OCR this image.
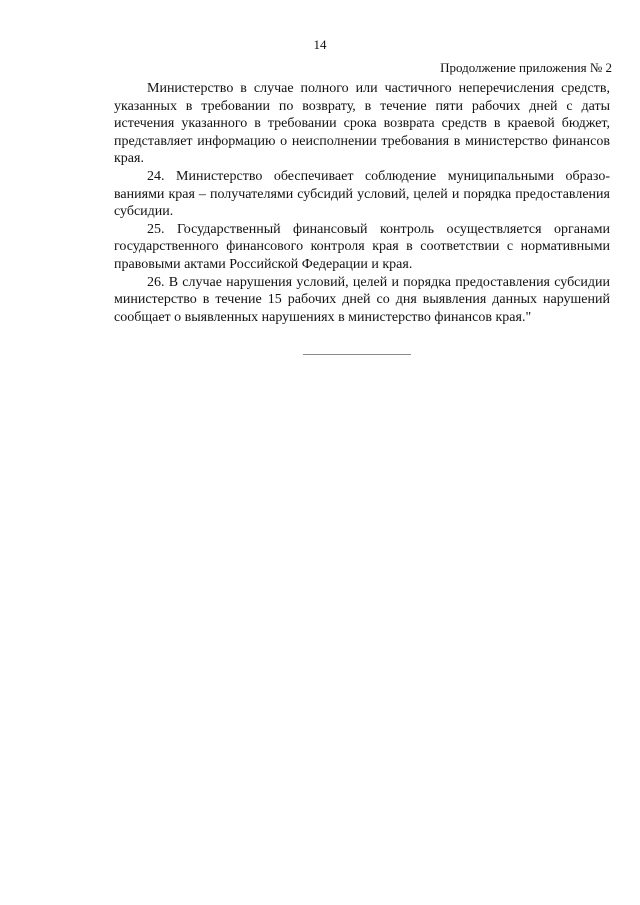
14
Продолжение приложения № 2

Министерство в случае полного или частичного неперечисления средств, указанных в требовании по возврату, в течение пяти рабочих дней с даты истечения указанного в требовании срока возврата средств в краевой бюджет, представляет информацию о неисполнении требования в министерство финансов края.

24. Министерство обеспечивает соблюдение муниципальными образованиями края – получателями субсидий условий, целей и порядка предоставления субсидии.

25. Государственный финансовый контроль осуществляется органами государственного финансового контроля края в соответствии с нормативными правовыми актами Российской Федерации и края.

26. В случае нарушения условий, целей и порядка предоставления субсидии министерство в течение 15 рабочих дней со дня выявления данных нарушений сообщает о выявленных нарушениях в министерство финансов края."
